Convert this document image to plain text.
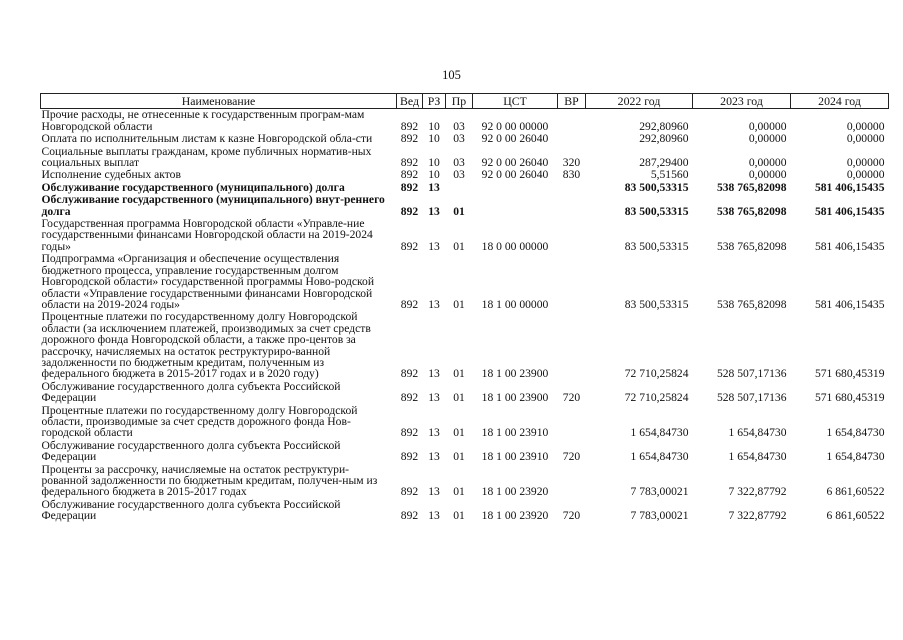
105
Наименование	Вед	РЗ	Пр	ЦСТ	ВР	2022 год	2023 год	2024 год
Прочие расходы, не отнесенные к государственным програм-мам Новгородской области	892	10	03	92 0 00 00000		292,80960	0,00000	0,00000
Оплата по исполнительным листам к казне Новгородской обла-сти	892	10	03	92 0 00 26040		292,80960	0,00000	0,00000
Социальные выплаты гражданам, кроме публичных норматив-ных социальных выплат	892	10	03	92 0 00 26040	320	287,29400	0,00000	0,00000
Исполнение судебных актов	892	10	03	92 0 00 26040	830	5,51560	0,00000	0,00000
Обслуживание государственного (муниципального) долга	892	13				83 500,53315	538 765,82098	581 406,15435
Обслуживание государственного (муниципального) внут-реннего долга	892	13	01			83 500,53315	538 765,82098	581 406,15435
Государственная программа Новгородской области «Управле-ние государственными финансами Новгородской области на 2019-2024 годы»	892	13	01	18 0 00 00000		83 500,53315	538 765,82098	581 406,15435
Подпрограмма «Организация и обеспечение осуществления бюджетного процесса, управление государственным долгом Новгородской области» государственной программы Ново-родской области «Управление государственными финансами Новгородской области на 2019-2024 годы»	892	13	01	18 1 00 00000		83 500,53315	538 765,82098	581 406,15435
Процентные платежи по государственному долгу Новгородской области (за исключением платежей, производимых за счет средств дорожного фонда Новгородской области, а также про-центов за рассрочку, начисляемых на остаток реструктуриро-ванной задолженности по бюджетным кредитам, полученным из федерального бюджета в 2015-2017 годах и в 2020 году)	892	13	01	18 1 00 23900		72 710,25824	528 507,17136	571 680,45319
Обслуживание государственного долга субъекта Российской Федерации	892	13	01	18 1 00 23900	720	72 710,25824	528 507,17136	571 680,45319
Процентные платежи по государственному долгу Новгородской области, производимые за счет средств дорожного фонда Нов-городской области	892	13	01	18 1 00 23910		1 654,84730	1 654,84730	1 654,84730
Обслуживание государственного долга субъекта Российской Федерации	892	13	01	18 1 00 23910	720	1 654,84730	1 654,84730	1 654,84730
Проценты за рассрочку, начисляемые на остаток реструктури-рованной задолженности по бюджетным кредитам, получен-ным из федерального бюджета в 2015-2017 годах	892	13	01	18 1 00 23920		7 783,00021	7 322,87792	6 861,60522
Обслуживание государственного долга субъекта Российской Федерации	892	13	01	18 1 00 23920	720	7 783,00021	7 322,87792	6 861,60522
